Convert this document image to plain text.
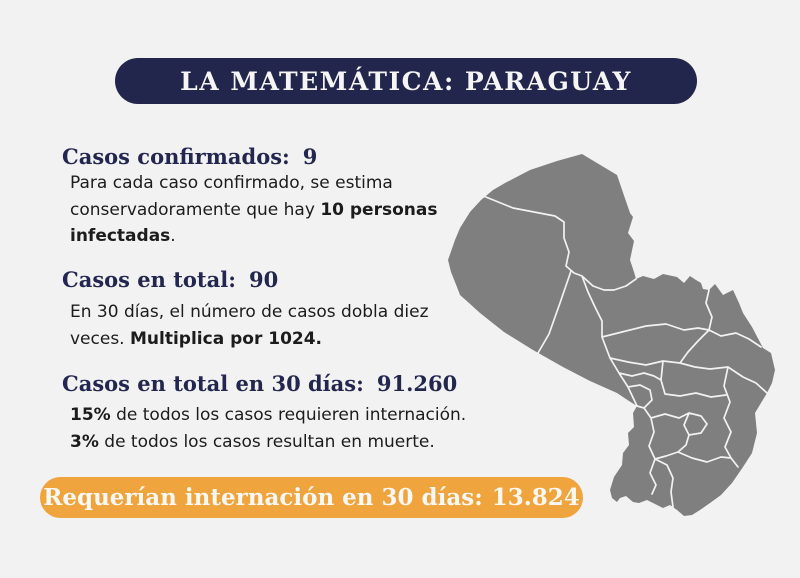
LA MATEMÁTICA: PARAGUAY
Casos confirmados: 9
Para cada caso confirmado, se estima
conservadoramente que hay 10 personas
infectadas.
Casos en total: 90
En 30 días, el número de casos dobla diez
veces. Multiplica por 1024.
Casos en total en 30 días: 91.260
15% de todos los casos requieren internación.
3% de todos los casos resultan en muerte.
Requerían internación en 30 días: 13.824
